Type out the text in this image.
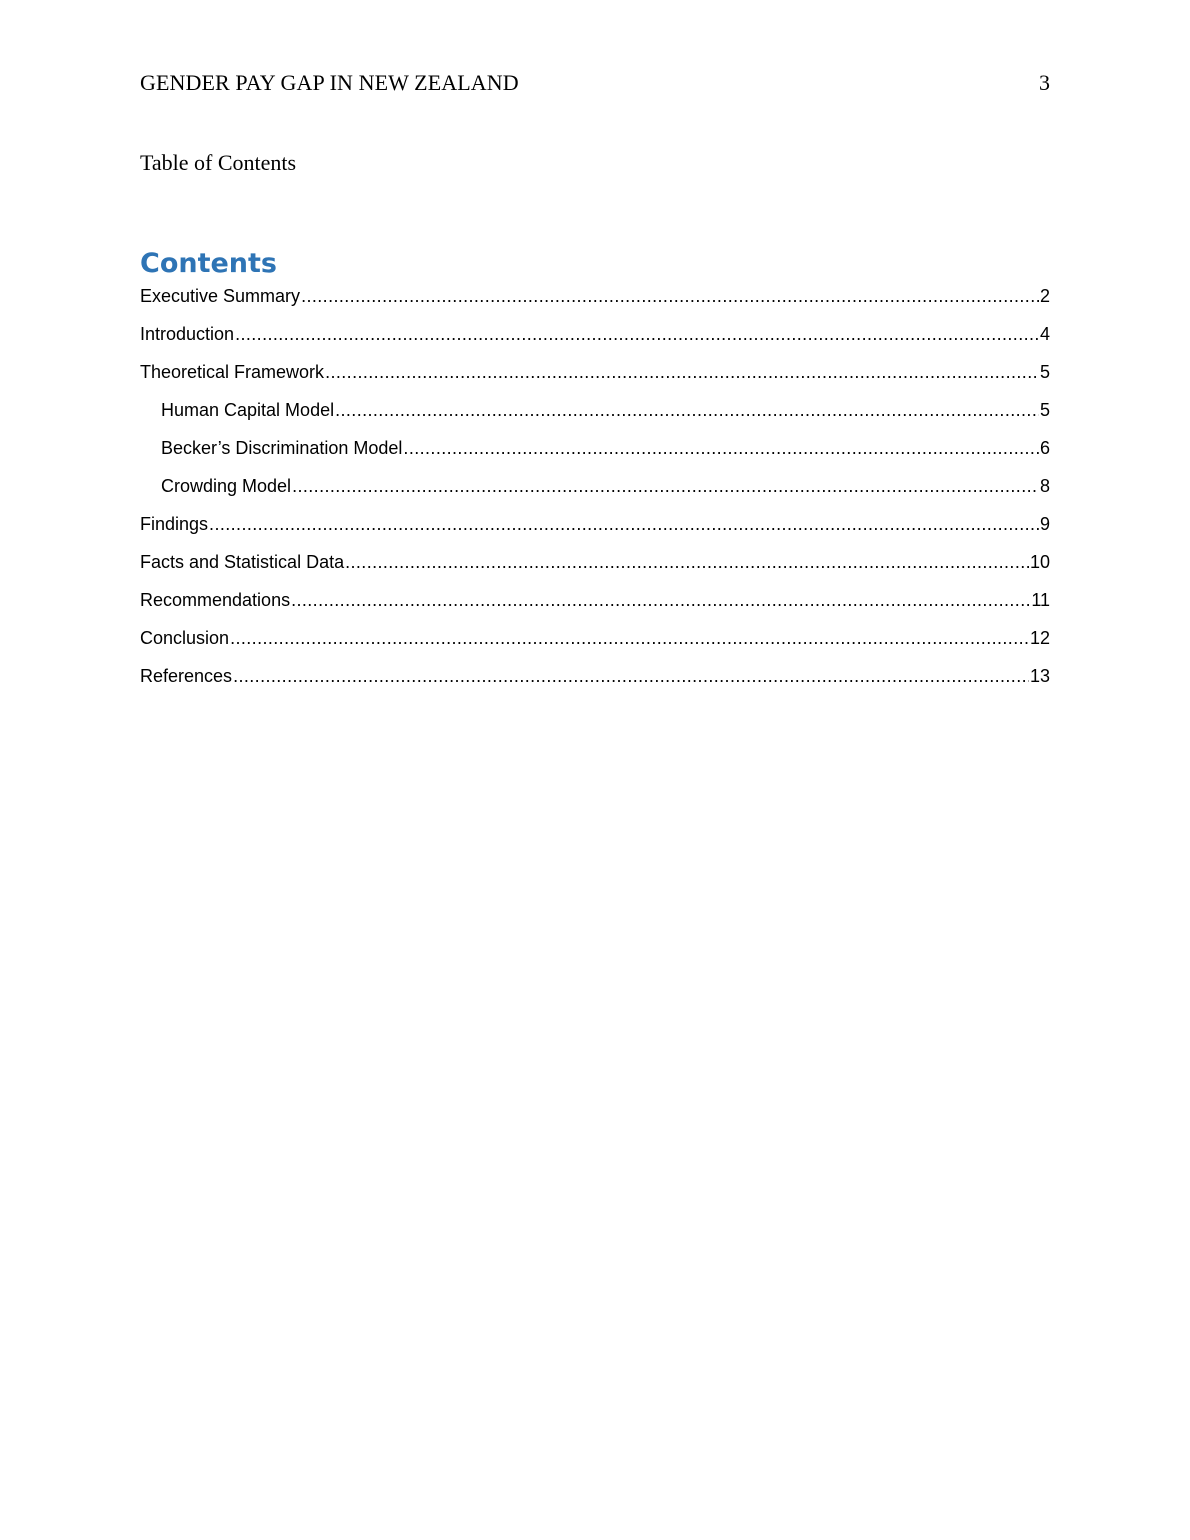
GENDER PAY GAP IN NEW ZEALAND	3
Table of Contents
Contents
Executive Summary .....	2
Introduction .....	4
Theoretical Framework .....	5
Human Capital Model .....	5
Becker’s Discrimination Model .....	6
Crowding Model .....	8
Findings .....	9
Facts and Statistical Data .....	10
Recommendations .....	11
Conclusion .....	12
References .....	13
